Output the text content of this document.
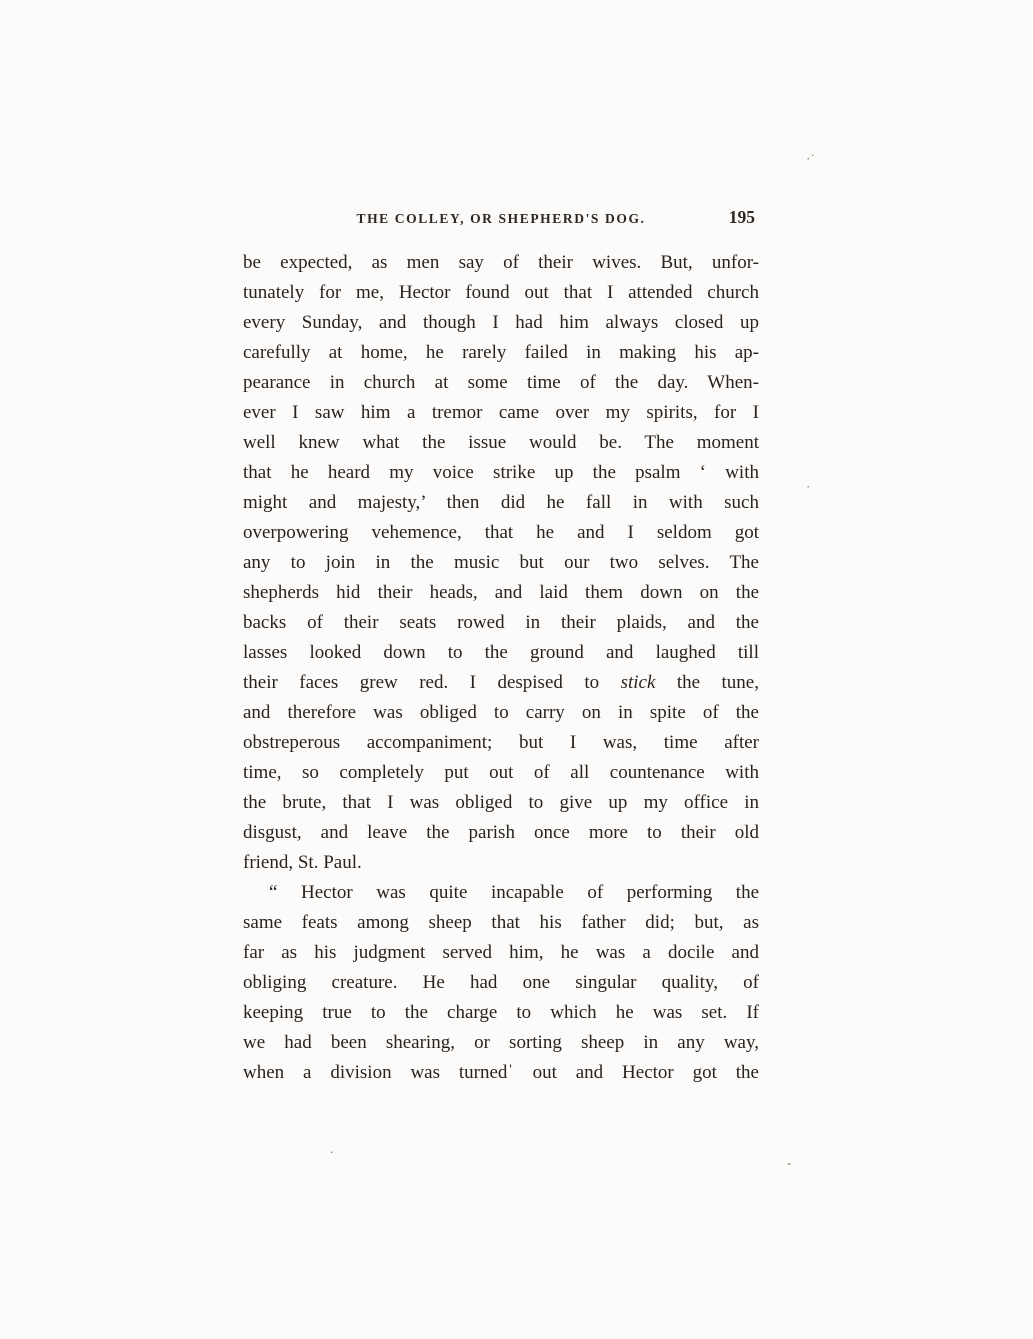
THE COLLEY, OR SHEPHERD'S DOG.	195
be expected, as men say of their wives. But, unfor-
tunately for me, Hector found out that I attended church
every Sunday, and though I had him always closed up
carefully at home, he rarely failed in making his ap-
pearance in church at some time of the day. When-
ever I saw him a tremor came over my spirits, for I
well knew what the issue would be. The moment
that he heard my voice strike up the psalm ‘ with
might and majesty,’ then did he fall in with such
overpowering vehemence, that he and I seldom got
any to join in the music but our two selves. The
shepherds hid their heads, and laid them down on the
backs of their seats rowed in their plaids, and the
lasses looked down to the ground and laughed till
their faces grew red. I despised to stick the tune,
and therefore was obliged to carry on in spite of the
obstreperous accompaniment; but I was, time after
time, so completely put out of all countenance with
the brute, that I was obliged to give up my office in
disgust, and leave the parish once more to their old
friend, St. Paul.
“ Hector was quite incapable of performing the
same feats among sheep that his father did; but, as
far as his judgment served him, he was a docile and
obliging creature. He had one singular quality, of
keeping true to the charge to which he was set. If
we had been shearing, or sorting sheep in any way,
when a division was turnedˈ out and Hector got the
·˙
·
.
-
